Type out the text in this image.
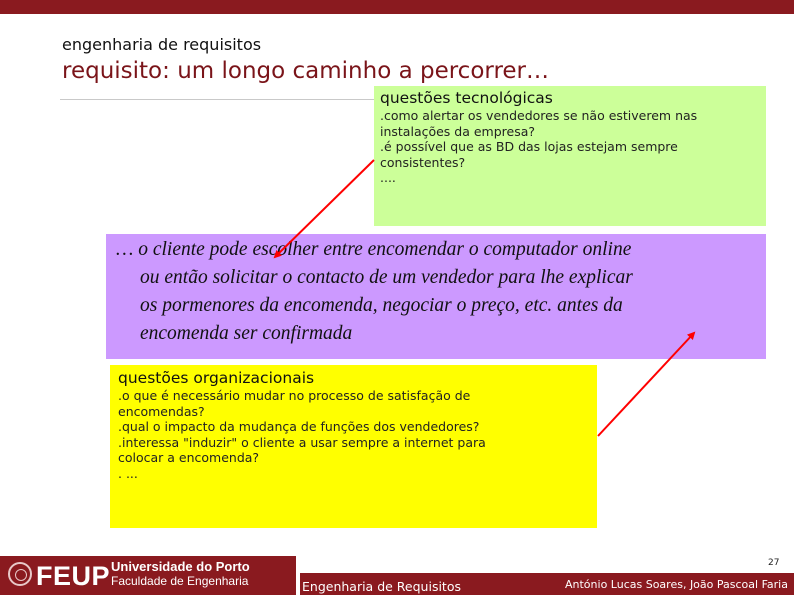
engenharia de requisitos
requisito: um longo caminho a percorrer…
questões tecnológicas
.como alertar os vendedores se não estiverem nas
instalações da empresa?
.é possível que as BD das lojas estejam sempre
consistentes?
....
… o cliente pode escolher entre encomendar o computador online
ou então solicitar o contacto de um vendedor para lhe explicar
os pormenores da encomenda, negociar o preço, etc. antes da
encomenda ser confirmada
questões organizacionais
.o que é necessário mudar no processo de satisfação de
encomendas?
.qual o impacto da mudança de funções dos vendedores?
.interessa "induzir" o cliente a usar sempre a internet para
colocar a encomenda?
. ...
FEUP Universidade do Porto
Faculdade de Engenharia
27
Engenharia de Requisitos	António Lucas Soares, João Pascoal Faria
